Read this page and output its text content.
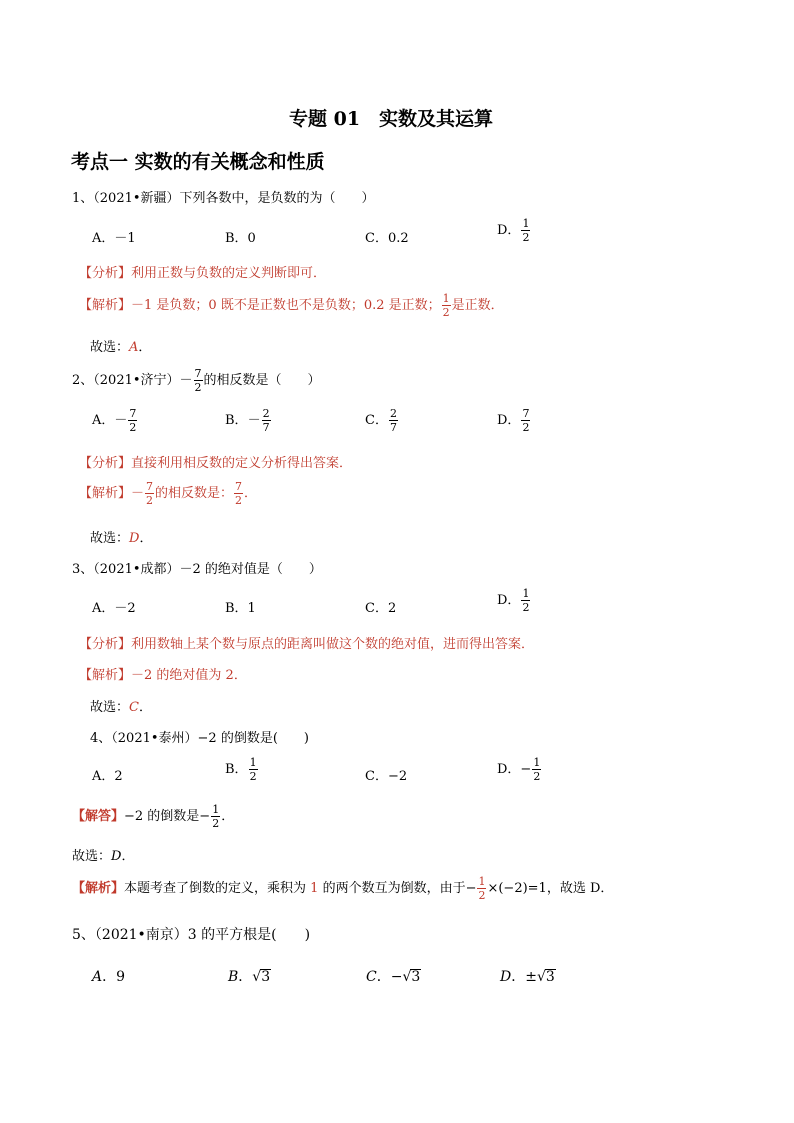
专题 01　实数及其运算
考点一 实数的有关概念和性质
1、（2021•新疆）下列各数中，是负数的为（　　）
A．－1	B．0	C．0.2
D． $\frac{1}{2}$
【分析】利用正数与负数的定义判断即可．
【解析】－1 是负数；0 既不是正数也不是负数；0.2 是正数； $\frac{1}{2}$ 是正数．
故选：A．
2、（2021•济宁）－ $\frac{7}{2}$ 的相反数是（　　）
A．－ $\frac{7}{2}$	B．－ $\frac{2}{7}$	C． $\frac{2}{7}$	D． $\frac{7}{2}$
【分析】直接利用相反数的定义分析得出答案．
【解析】－ $\frac{7}{2}$ 的相反数是： $\frac{7}{2}$ ．
故选：D．
3、（2021•成都）－2 的绝对值是（　　）
A．－2	B．1	C．2
D． $\frac{1}{2}$
【分析】利用数轴上某个数与原点的距离叫做这个数的绝对值，进而得出答案．
【解析】－2 的绝对值为 2．
故选：C．
4、（2021•泰州）−2 的倒数是(　　)
A．2	B． $\frac{1}{2}$	C．−2	D．− $\frac{1}{2}$
【解答】−2 的倒数是− $\frac{1}{2}$ ．
故选：D．
【解析】本题考查了倒数的定义，乘积为 1 的两个数互为倒数，由于− $\frac{1}{2} \times(-2)=1$，故选 D．
5、（2021•南京）3 的平方根是(　　)
A．9	B．√3	C．−√3	D．±√3
